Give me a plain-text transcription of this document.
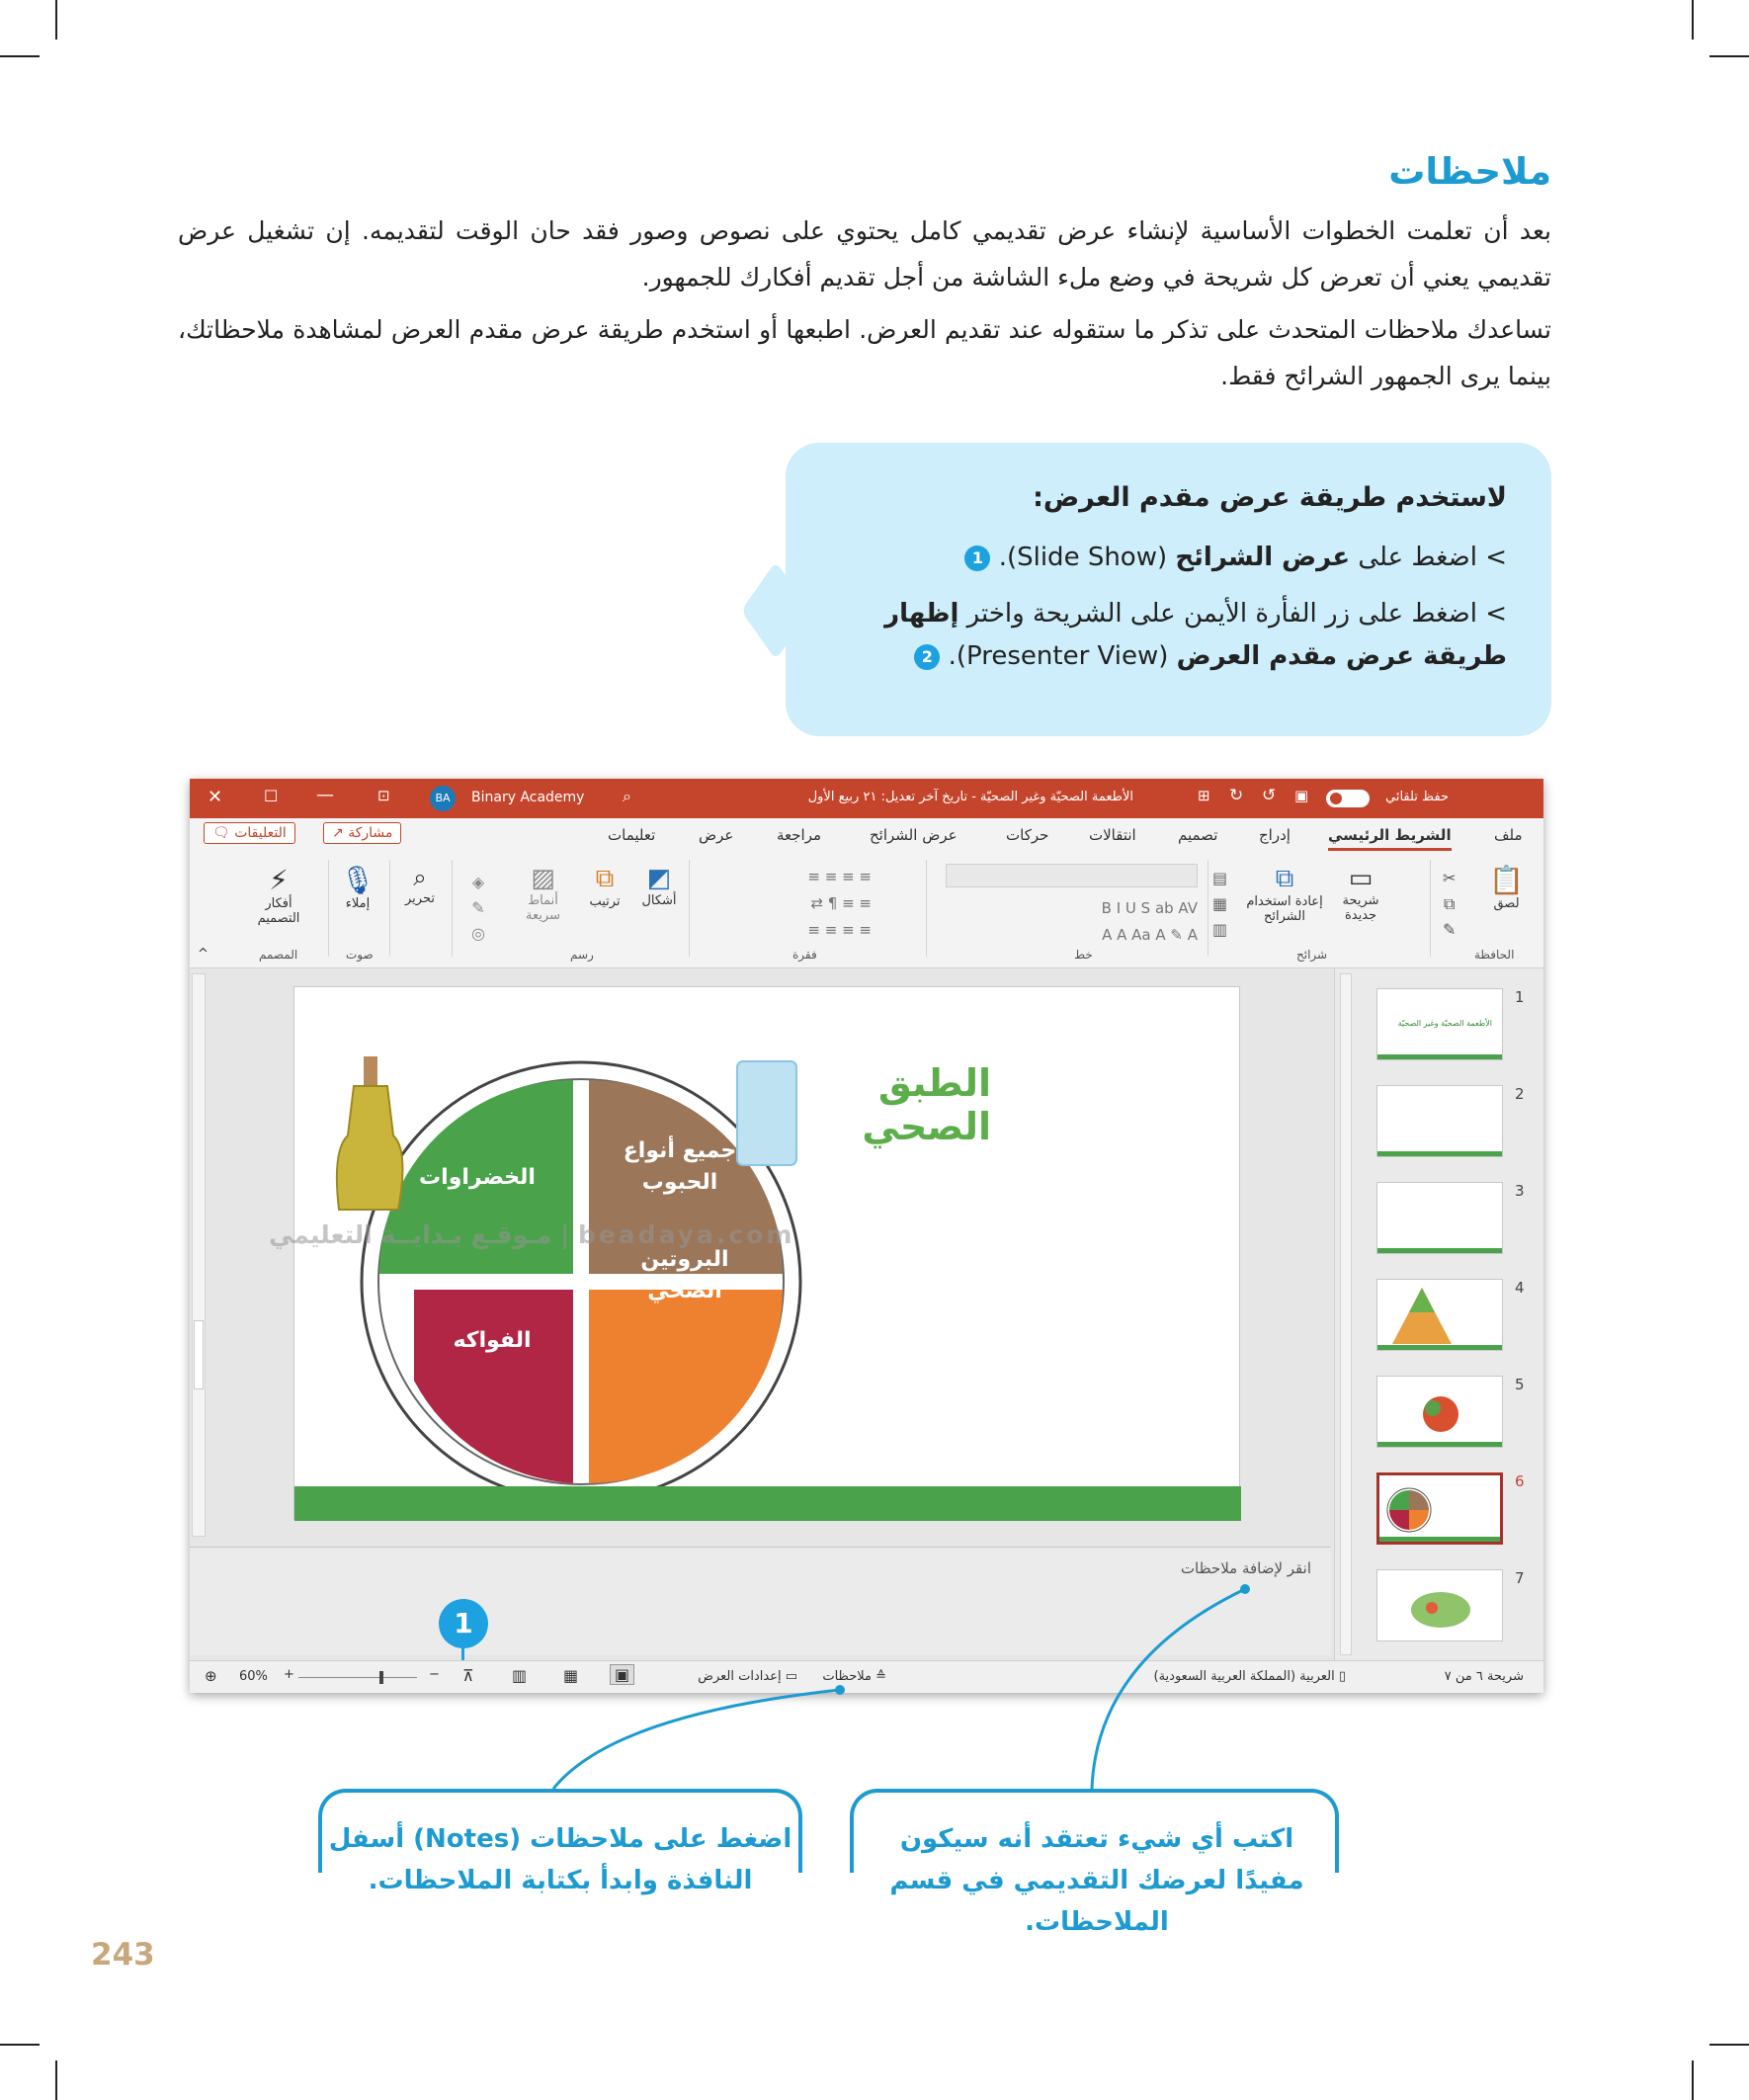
ملاحظات

بعد أن تعلمت الخطوات الأساسية لإنشاء عرض تقديمي كامل يحتوي على نصوص وصور فقد حان الوقت لتقديمه. إن تشغيل عرض تقديمي يعني أن تعرض كل شريحة في وضع ملء الشاشة من أجل تقديم أفكارك للجمهور.

تساعدك ملاحظات المتحدث على تذكر ما ستقوله عند تقديم العرض. اطبعها أو استخدم طريقة عرض مقدم العرض لمشاهدة ملاحظاتك، بينما يرى الجمهور الشرائح فقط.

لاستخدم طريقة عرض مقدم العرض:
> اضغط على عرض الشرائح (Slide Show). 1
> اضغط على زر الفأرة الأيمن على الشريحة واختر إظهار طريقة عرض مقدم العرض (Presenter View). 2
✕	☐ —	⊡	BA	Binary Academy ⌕	الأطعمة الصحيّة وغير الصحيّة - تاريخ آخر تعديل: ٢١ ربيع الأول	⊞ ↻ ↺ ▣	حفظ تلقائي
🗨 التعليقات	↗ مشاركة	تعليمات	عرض	مراجعة	عرض الشرائح	حركات	انتقالات	تصميم	إدراج	الشريط الرئيسي	ملف
^
⚡
أفكار التصميم
المصمم
🎙
إملاء
صوت
⌕
تحرير
◈
✎
◎
▨
أنماط سريعة
⧉
ترتيب
◩
أشكال
رسم
≡ ≡ ≡ ≡
⇄ ¶ ≡ ≡
≡ ≡ ≡ ≡
فقرة
B I U S ab AV
A A Aa A ✎ A
خط
▤
▦
▥
⧉
إعادة استخدام الشرائح
▭
شريحة جديدة
شرائح
✂
⧉
✎
📋
لصق
الحافظة
الطبق الصحي
جميع أنواع الحبوب
الخضراوات
البروتين الصحي
الفواكه
مـوقـع بـدايــة التعليمي | beadaya.com
انقر لإضافة ملاحظات
الأطعمة الصحيّة وغير الصحيّة
1
2
3
4
5
6
7
⊕ 60% +	− ⊼ ▥ ▦	▣	▭ إعدادات العرض	≙ ملاحظات	▯ العربية (المملكة العربية السعودية)	شريحة ٦ من ٧
1
اضغط على ملاحظات (Notes) أسفل النافذة وابدأ بكتابة الملاحظات.
اكتب أي شيء تعتقد أنه سيكون مفيدًا لعرضك التقديمي في قسم الملاحظات.
243
